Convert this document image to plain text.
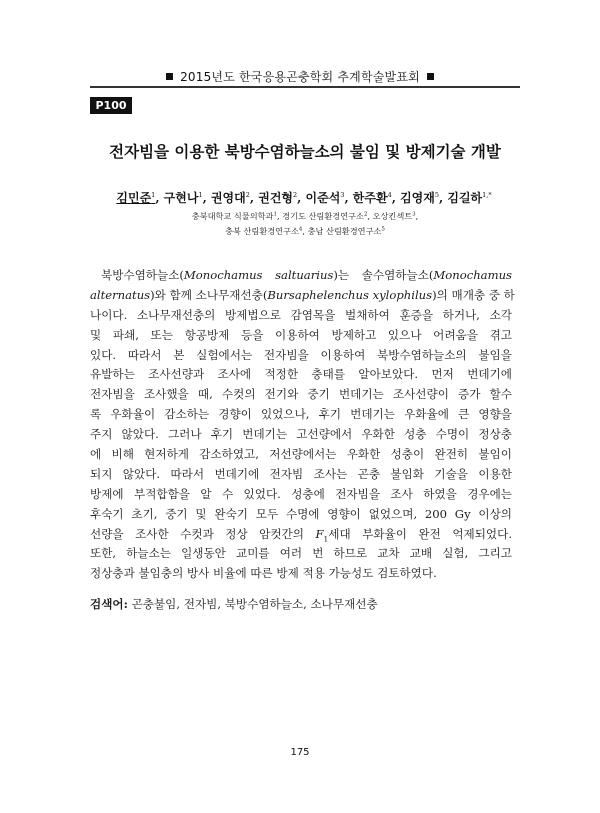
2015년도 한국응용곤충학회 추계학술발표회
P100
전자빔을 이용한 북방수염하늘소의 불임 및 방제기술 개발
김민준$^1$, 구현나$^1$, 권영대$^2$, 권건형$^2$, 이준석$^3$, 한주환$^4$, 김영재$^5$, 김길하$^{1,*}$
충북대학교 식물의학과$^1$, 경기도 산림환경연구소$^2$, 오상킨섹트$^3$,
충북 산림환경연구소$^4$, 충남 산림환경연구소$^5$
북방수염하늘소(Monochamus saltuarius)는 솔수염하늘소(Monochamus
alternatus)와 함께 소나무재선충(Bursaphelenchus xylophilus)의 매개충 중 하
나이다. 소나무재선충의 방제법으로 감염목을 벌채하여 훈증을 하거나, 소각
및 파쇄, 또는 항공방제 등을 이용하여 방제하고 있으나 어려움을 겪고
있다. 따라서 본 실험에서는 전자빔을 이용하여 북방수염하늘소의 불임을
유발하는 조사선량과 조사에 적정한 충태를 알아보았다. 먼저 번데기에
전자빔을 조사했을 때, 수컷의 전기와 중기 번데기는 조사선량이 증가 할수
록 우화율이 감소하는 경향이 있었으나, 후기 번데기는 우화율에 큰 영향을
주지 않았다. 그러나 후기 번데기는 고선량에서 우화한 성충 수명이 정상충
에 비해 현저하게 감소하였고, 저선량에서는 우화한 성충이 완전히 불임이
되지 않았다. 따라서 번데기에 전자빔 조사는 곤충 불임화 기술을 이용한
방제에 부적합함을 알 수 있었다. 성충에 전자빔을 조사 하였을 경우에는
후숙기 초기, 중기 및 완숙기 모두 수명에 영향이 없었으며, 200 Gy 이상의
선량을 조사한 수컷과 정상 암컷간의 $F_1$세대 부화율이 완전 억제되었다.
또한, 하늘소는 일생동안 교미를 여러 번 하므로 교차 교배 실험, 그리고
정상충과 불임충의 방사 비율에 따른 방제 적용 가능성도 검토하였다.
검색어: 곤충불임, 전자빔, 북방수염하늘소, 소나무재선충
175
